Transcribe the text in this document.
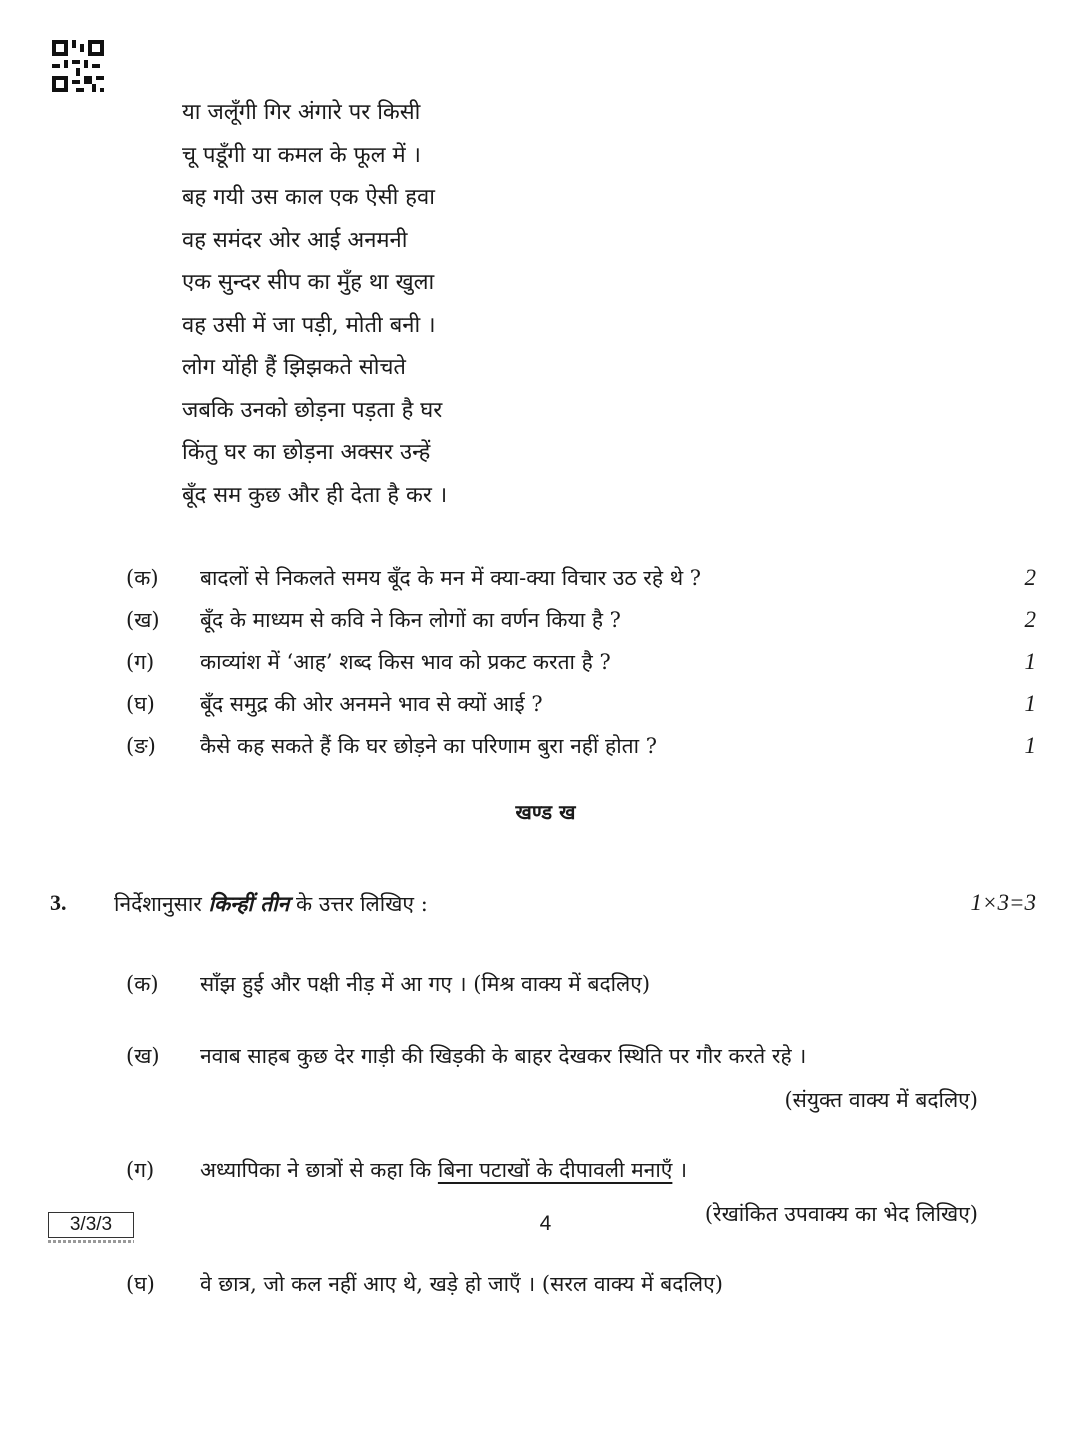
या जलूँगी गिर अंगारे पर किसी
चू पडूँगी या कमल के फूल में ।
बह गयी उस काल एक ऐसी हवा
वह समंदर ओर आई अनमनी
एक सुन्दर सीप का मुँह था खुला
वह उसी में जा पड़ी, मोती बनी ।
लोग योंही हैं झिझकते सोचते
जबकि उनको छोड़ना पड़ता है घर
किंतु घर का छोड़ना अक्सर उन्हें
बूँद सम कुछ और ही देता है कर ।
(क) बादलों से निकलते समय बूँद के मन में क्या-क्या विचार उठ रहे थे ?	2
(ख) बूँद के माध्यम से कवि ने किन लोगों का वर्णन किया है ?	2
(ग) काव्यांश में ‘आह’ शब्द किस भाव को प्रकट करता है ?	1
(घ) बूँद समुद्र की ओर अनमने भाव से क्यों आई ?	1
(ङ) कैसे कह सकते हैं कि घर छोड़ने का परिणाम बुरा नहीं होता ?	1
खण्ड ख
3. निर्देशानुसार किन्हीं तीन के उत्तर लिखिए :	1×3=3
(क) साँझ हुई और पक्षी नीड़ में आ गए । (मिश्र वाक्य में बदलिए)
(ख) नवाब साहब कुछ देर गाड़ी की खिड़की के बाहर देखकर स्थिति पर गौर करते रहे ।
(संयुक्त वाक्य में बदलिए)
(ग) अध्यापिका ने छात्रों से कहा कि बिना पटाखों के दीपावली मनाएँ ।
(रेखांकित उपवाक्य का भेद लिखिए)
(घ) वे छात्र, जो कल नहीं आए थे, खड़े हो जाएँ । (सरल वाक्य में बदलिए)
3/3/3	4
